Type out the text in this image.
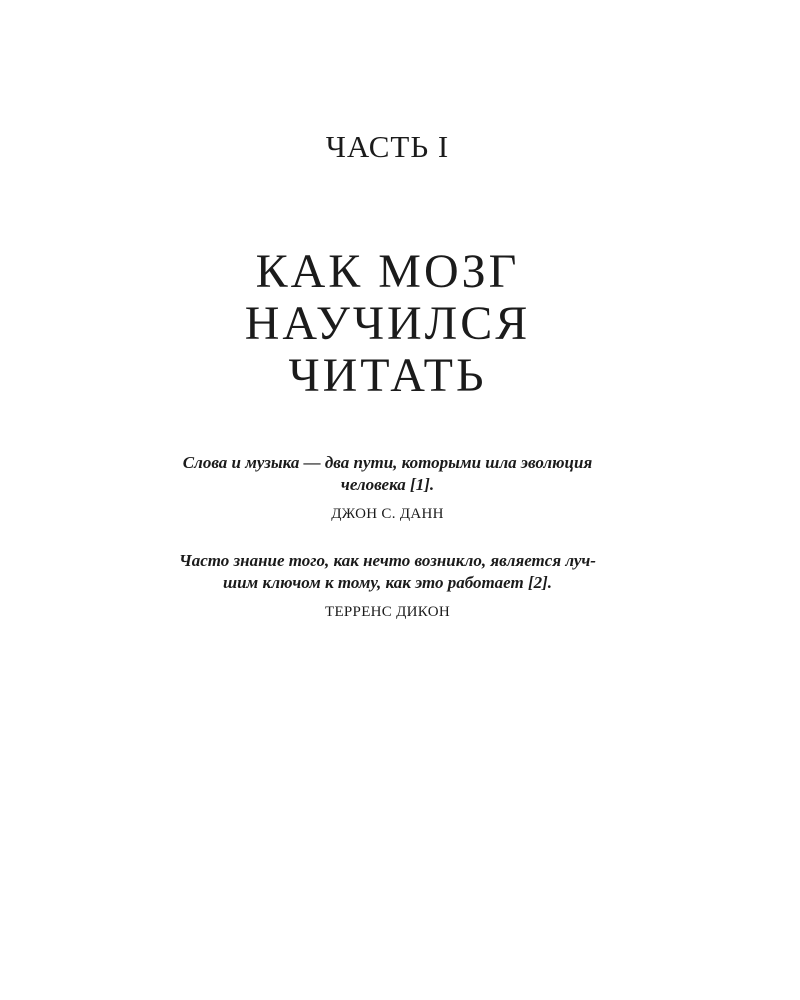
ЧАСТЬ I
КАК МОЗГ
НАУЧИЛСЯ
ЧИТАТЬ

Слова и музыка — два пути, которыми шла эволюция
человека [1].

ДЖОН С. ДАНН

Часто знание того, как нечто возникло, является луч-
шим ключом к тому, как это работает [2].

ТЕРРЕНС ДИКОН
